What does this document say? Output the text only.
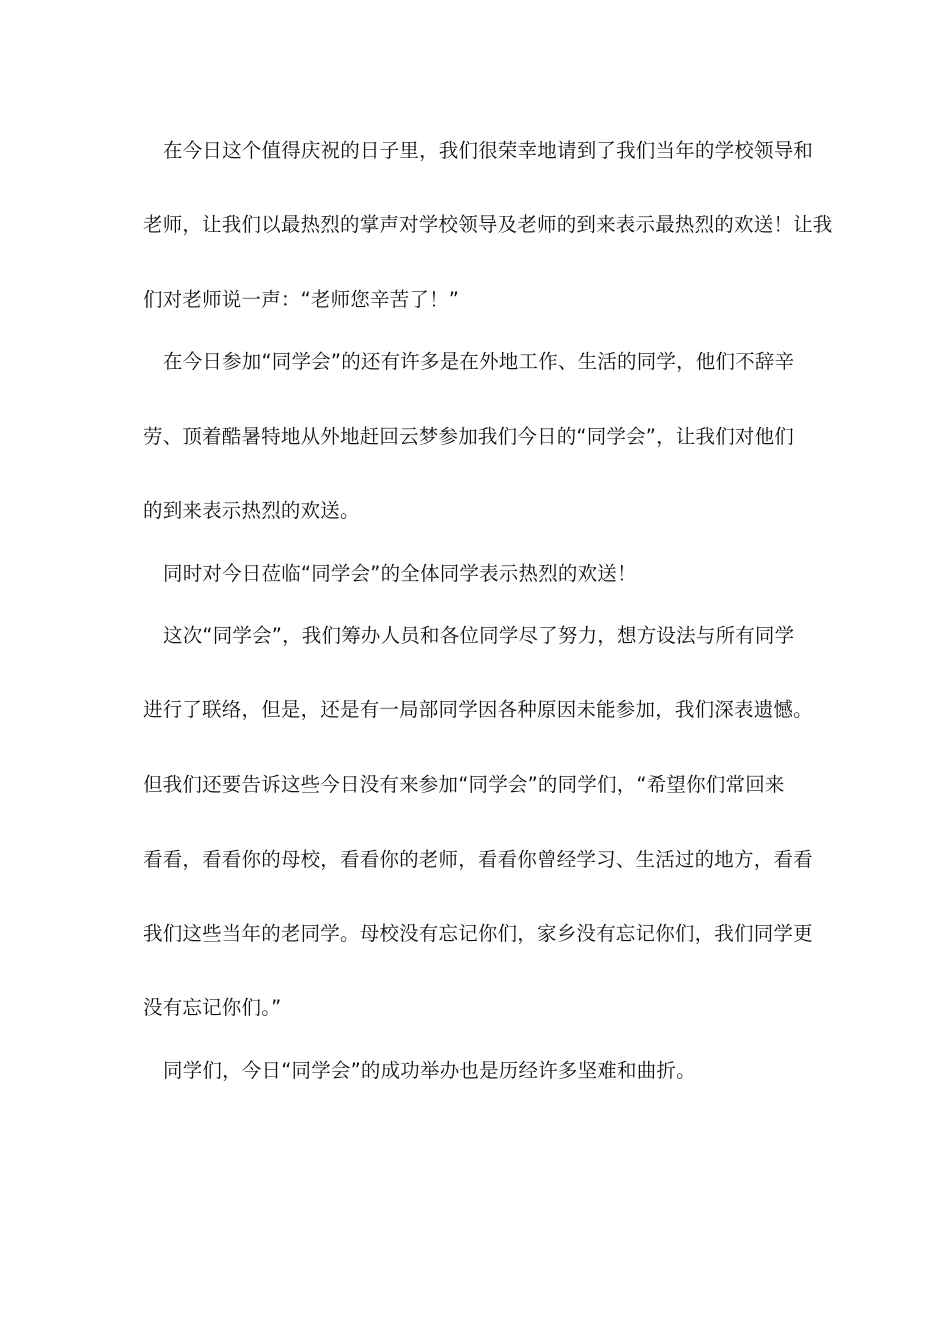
在今日这个值得庆祝的日子里，我们很荣幸地请到了我们当年的学校领导和
老师，让我们以最热烈的掌声对学校领导及老师的到来表示最热烈的欢送！让我
们对老师说一声：“老师您辛苦了！”
在今日参加“同学会”的还有许多是在外地工作、生活的同学，他们不辞辛
劳、顶着酷暑特地从外地赶回云梦参加我们今日的“同学会”，让我们对他们
的到来表示热烈的欢送。
同时对今日莅临“同学会”的全体同学表示热烈的欢送！
这次“同学会”，我们筹办人员和各位同学尽了努力，想方设法与所有同学
进行了联络，但是，还是有一局部同学因各种原因未能参加，我们深表遗憾。
但我们还要告诉这些今日没有来参加“同学会”的同学们，“希望你们常回来
看看，看看你的母校，看看你的老师，看看你曾经学习、生活过的地方，看看
我们这些当年的老同学。母校没有忘记你们，家乡没有忘记你们，我们同学更
没有忘记你们。”
同学们，今日“同学会”的成功举办也是历经许多坚难和曲折。
